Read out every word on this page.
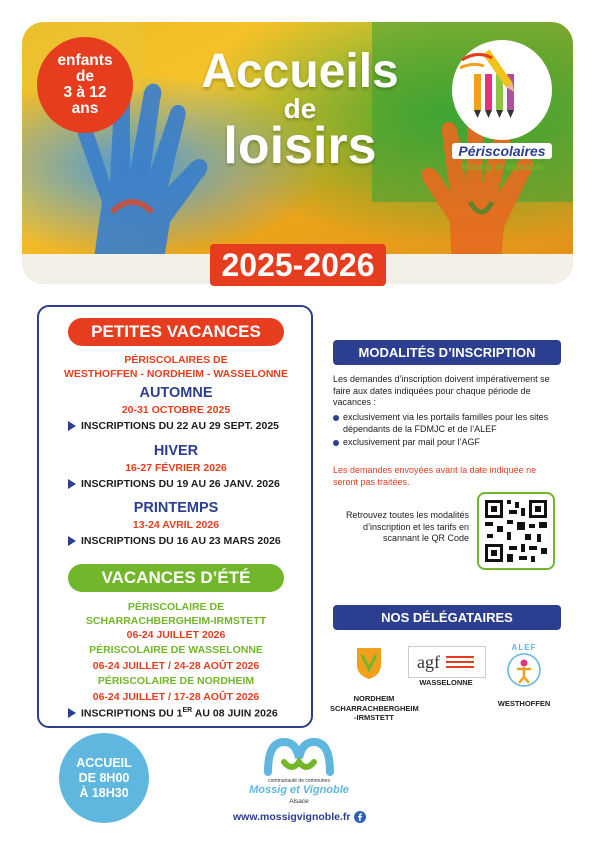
enfants
de
3 à 12
ans
Accueils
de
loisirs	Périscolaires
Mossig et Vignoble
2025-2026
PETITES VACANCES
PÉRISCOLAIRES DE
WESTHOFFEN - NORDHEIM - WASSELONNE
AUTOMNE
20-31 OCTOBRE 2025
INSCRIPTIONS DU 22 AU 29 SEPT. 2025
HIVER
16-27 FÉVRIER 2026
INSCRIPTIONS DU 19 AU 26 JANV. 2026
PRINTEMPS
13-24 AVRIL 2026
INSCRIPTIONS DU 16 AU 23 MARS 2026
VACANCES D’ÉTÉ
PÉRISCOLAIRE DE
SCHARRACHBERGHEIM-IRMSTETT
06-24 JUILLET 2026
PÉRISCOLAIRE DE WASSELONNE
06-24 JUILLET / 24-28 AOÛT 2026
PÉRISCOLAIRE DE NORDHEIM
06-24 JUILLET / 17-28 AOÛT 2026
INSCRIPTIONS DU 1ER AU 08 JUIN 2026
MODALITÉS D’INSCRIPTION
Les demandes d’inscription doivent impérativement se faire aux dates indiquées pour chaque période de vacances :
exclusivement via les portails familles pour les sites dépendants de la FDMJC et de l’ALEF
exclusivement par mail pour l’AGF
Les demandes envoyées avant la date indiquée ne seront pas traitées.
Retrouvez toutes les modalités d’inscription et les tarifs en scannant le QR Code
NOS DÉLÉGATAIRES
agf
ALEF
NORDHEIM SCHARRACHBERGHEIM -IRMSTETT
WASSELONNE
WESTHOFFEN
ACCUEIL
DE 8H00
À 18H30
communauté de communes
Mossig et Vignoble
Alsace
www.mossigvignoble.fr
